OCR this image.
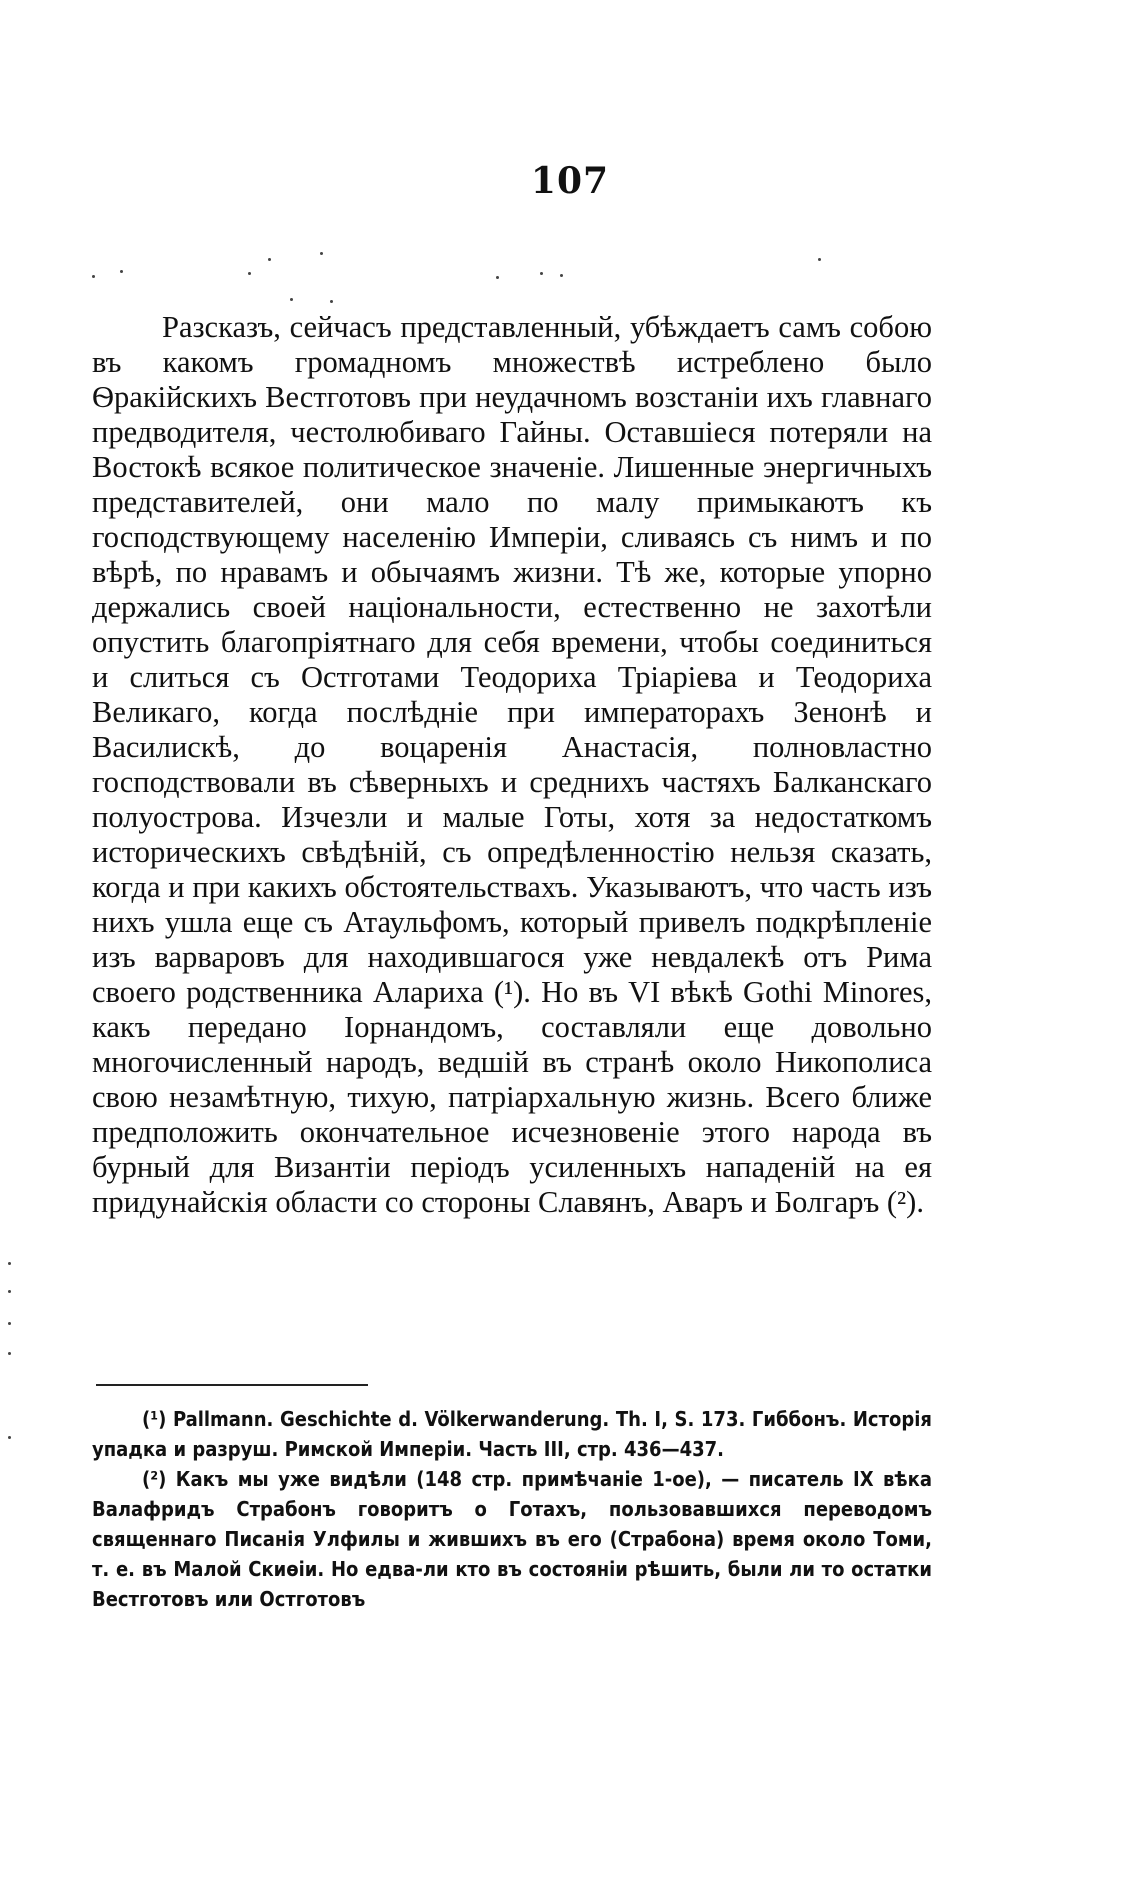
107

Разсказъ, сейчасъ представленный, убѣждаетъ самъ собою въ какомъ громадномъ множествѣ истреблено было Ѳракійскихъ Вестготовъ при неудачномъ возстаніи ихъ главнаго предводителя, честолюбиваго Гайны. Оставшіеся потеряли на Востокѣ всякое политическое значеніе. Лишенные энергичныхъ представителей, они мало по малу примыкаютъ къ господствующему населенію Имперіи, сливаясь съ нимъ и по вѣрѣ, по нравамъ и обычаямъ жизни. Тѣ же, которые упорно держались своей національности, естественно не захотѣли опустить благопріятнаго для себя времени, чтобы соединиться и слиться съ Остготами Теодориха Тріаріева и Теодориха Великаго, когда послѣдніе при императорахъ Зенонѣ и Василискѣ, до воцаренія Анастасія, полновластно господствовали въ сѣверныхъ и среднихъ частяхъ Балканскаго полуострова. Изчезли и малые Готы, хотя за недостаткомъ историческихъ свѣдѣній, съ опредѣленностію нельзя сказать, когда и при какихъ обстоятельствахъ. Указываютъ, что часть изъ нихъ ушла еще съ Атаульфомъ, который привелъ подкрѣпленіе изъ варваровъ для находившагося уже невдалекѣ отъ Рима своего родственника Алариха (¹). Но въ VI вѣкѣ Gothi Minores, какъ передано Іорнандомъ, составляли еще довольно многочисленный народъ, ведшій въ странѣ около Никополиса свою незамѣтную, тихую, патріархальную жизнь. Всего ближе предположить окончательное исчезновеніе этого народа въ бурный для Византіи періодъ усиленныхъ нападеній на ея придунайскія области со стороны Славянъ, Аваръ и Болгаръ (²).

(¹) Pallmann. Geschichte d. Völkerwanderung. Th. I, S. 173. Гиббонъ. Исторія упадка и разруш. Римской Имперіи. Часть III, стр. 436—437.

(²) Какъ мы уже видѣли (148 стр. примѣчаніе 1-ое), — писатель IX вѣка Валафридъ Страбонъ говоритъ о Готахъ, пользовавшихся переводомъ священнаго Писанія Улфилы и жившихъ въ его (Страбона) время около Томи, т. е. въ Малой Скиѳіи. Но едва-ли кто въ состояніи рѣшить, были ли то остатки Вестготовъ или Остготовъ
